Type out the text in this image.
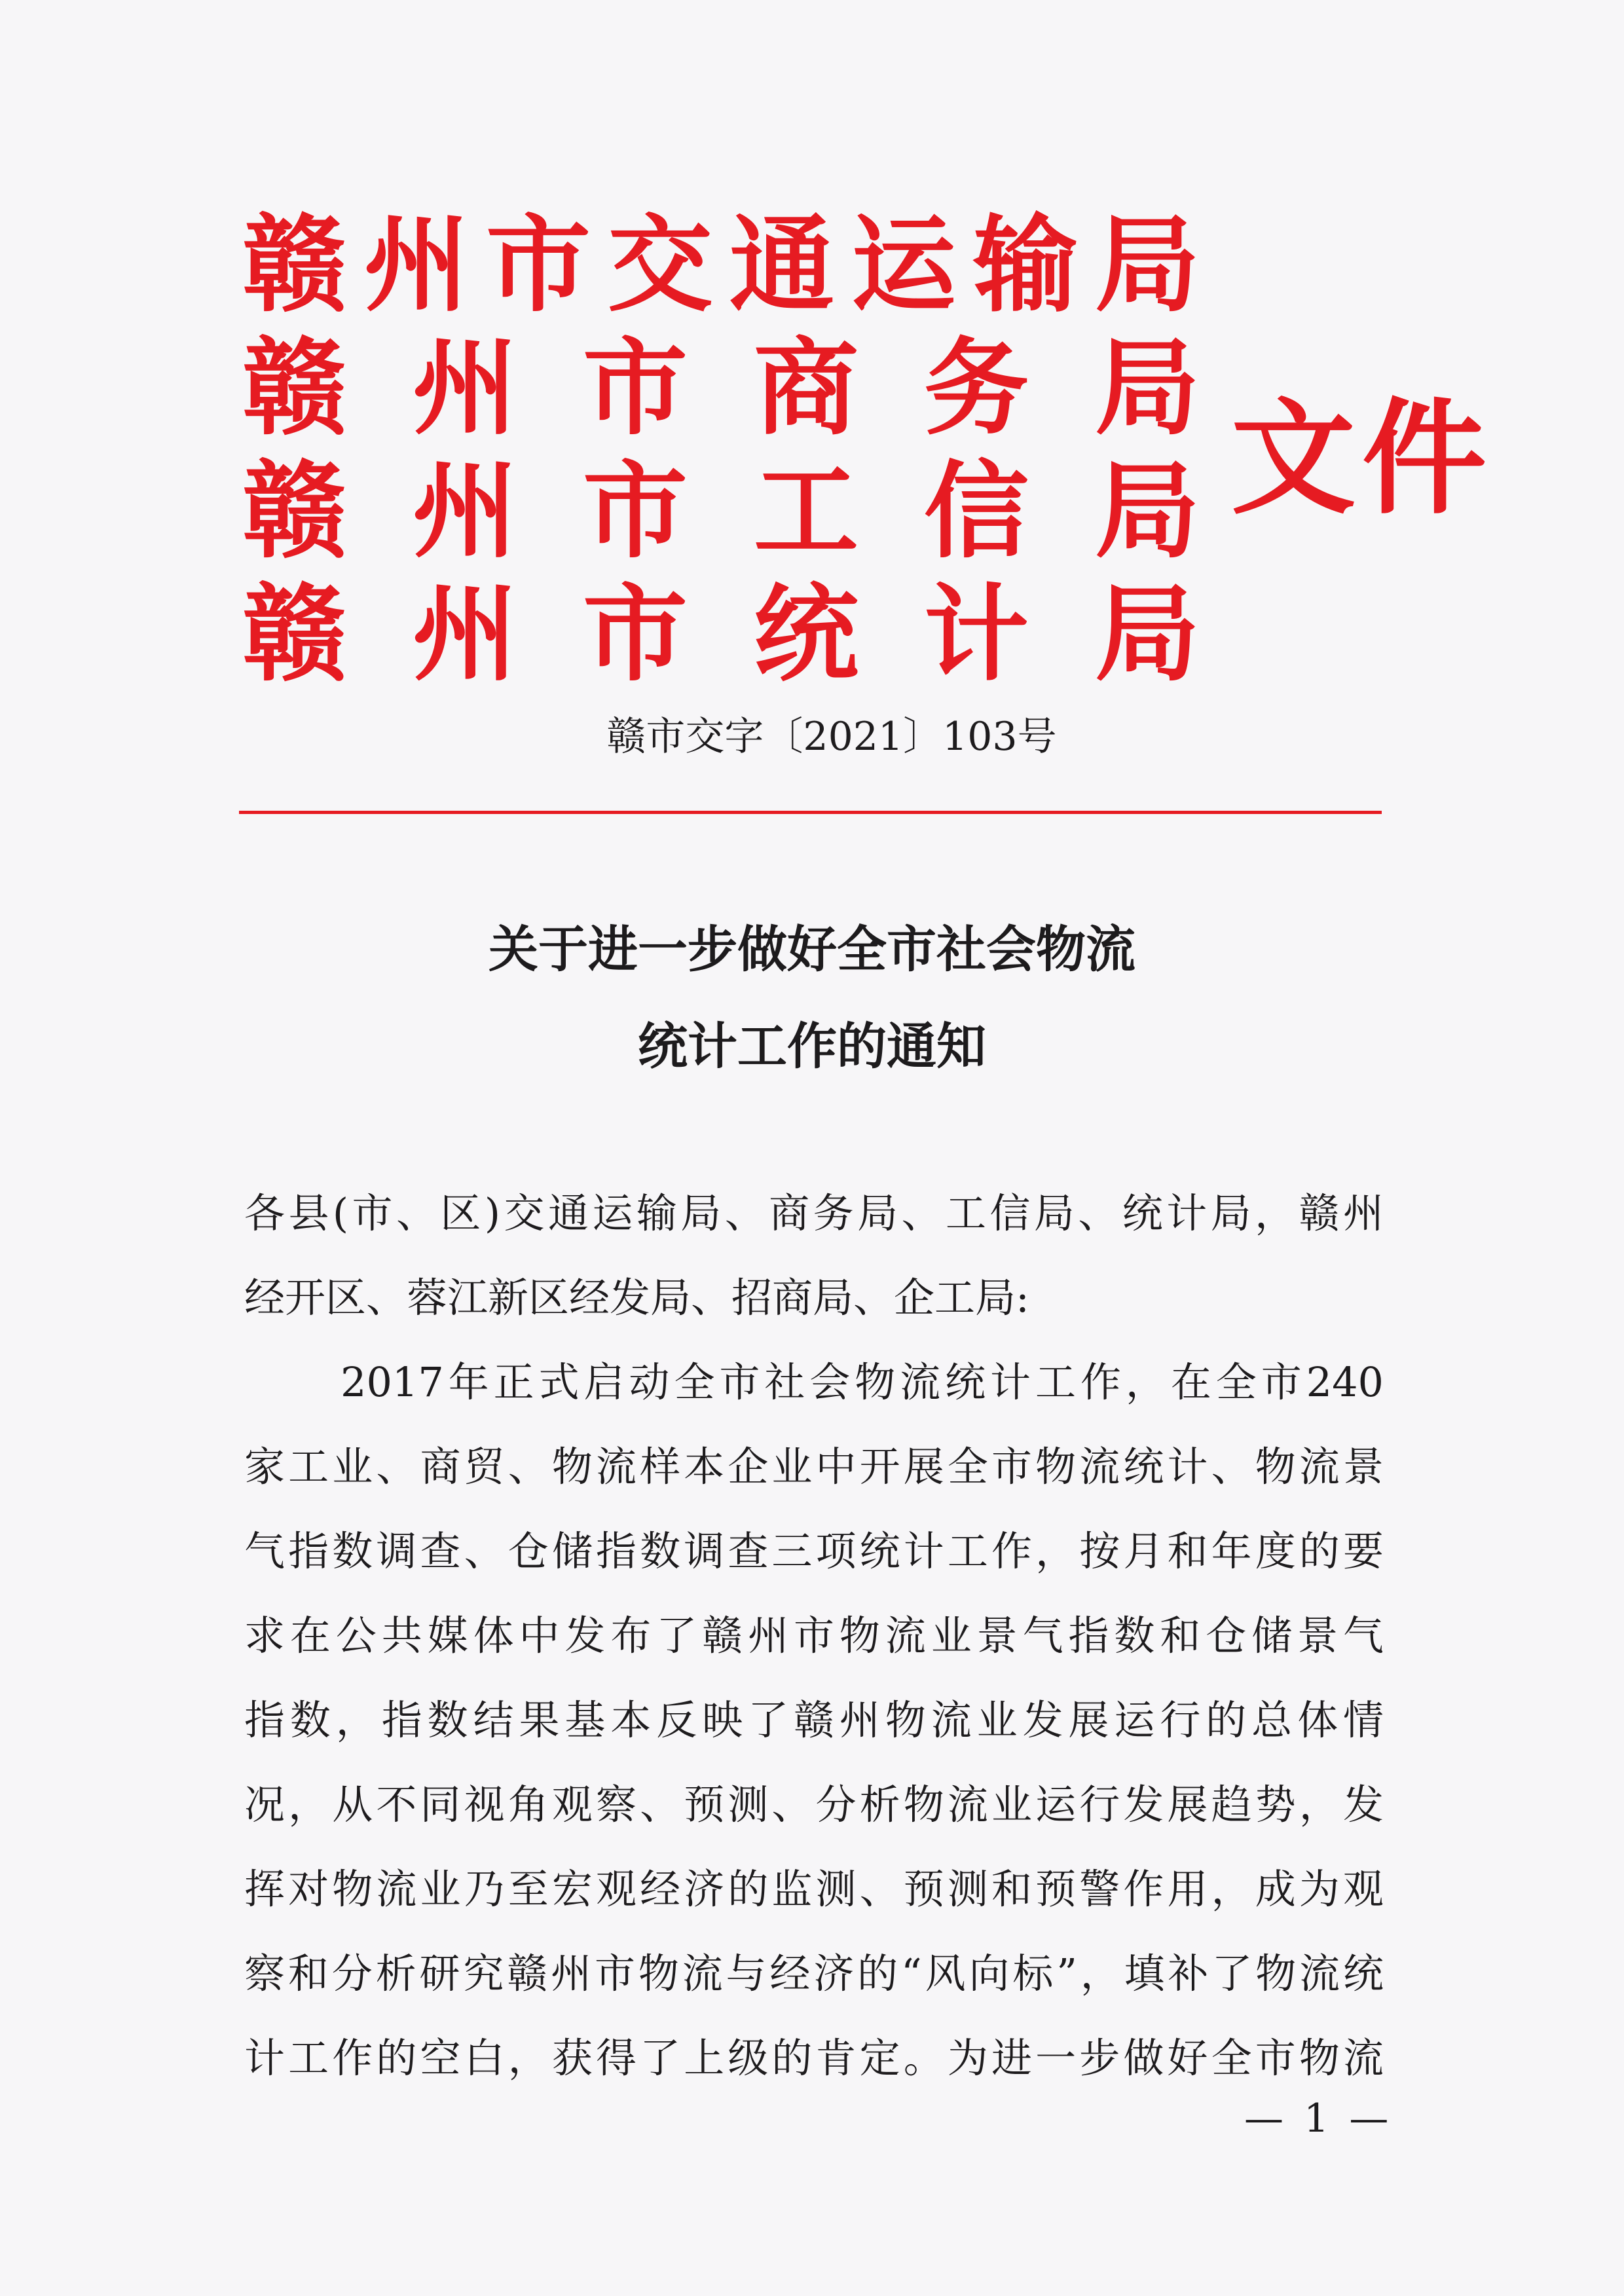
赣 州 市 交 通 运 输 局
赣 州 市 商 务 局
赣 州 市 工 信 局
赣 州 市 统 计 局
文件
赣市交字〔2021〕103号
关于进一步做好全市社会物流
统计工作的通知
各县(市、区)交通运输局、商务局、工信局、统计局，赣州
经开区、蓉江新区经发局、招商局、企工局:
2017年正式启动全市社会物流统计工作，在全市240
家工业、商贸、物流样本企业中开展全市物流统计、物流景
气指数调查、仓储指数调查三项统计工作，按月和年度的要
求在公共媒体中发布了赣州市物流业景气指数和仓储景气
指数，指数结果基本反映了赣州物流业发展运行的总体情
况，从不同视角观察、预测、分析物流业运行发展趋势，发
挥对物流业乃至宏观经济的监测、预测和预警作用，成为观
察和分析研究赣州市物流与经济的“风向标”，填补了物流统
计工作的空白，获得了上级的肯定。为进一步做好全市物流
— 1 —
